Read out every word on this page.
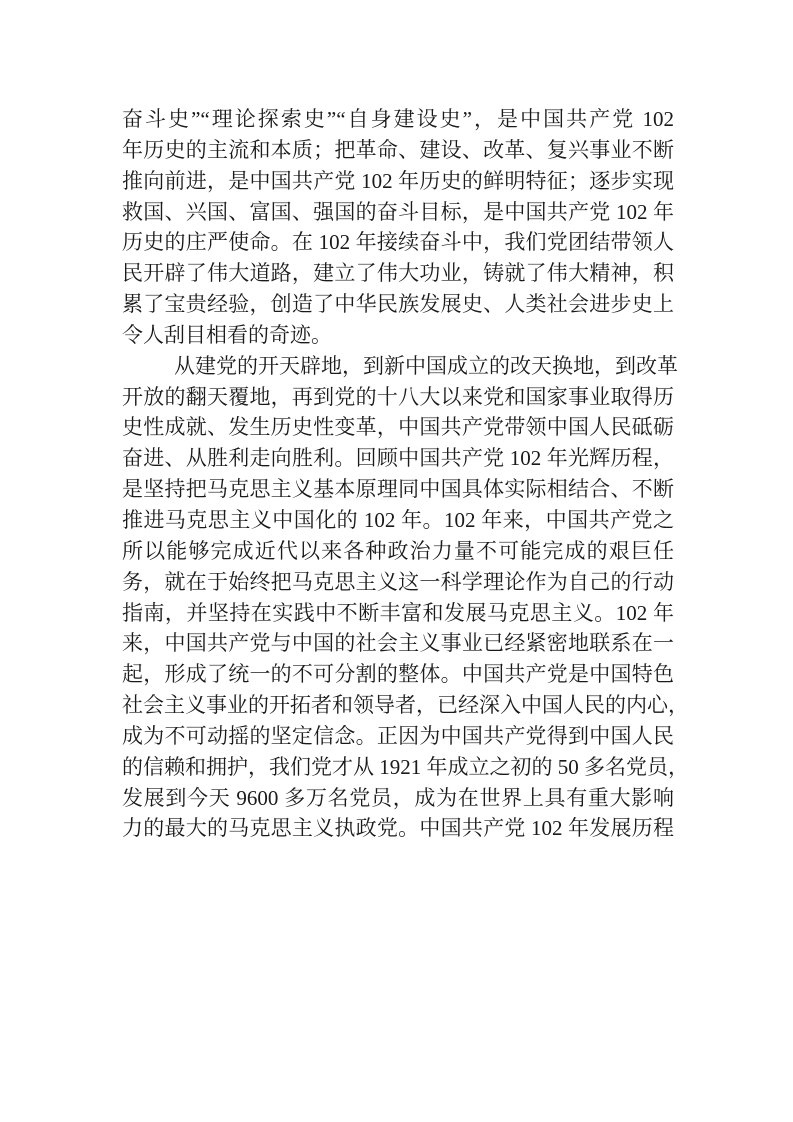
奋斗史”“理论探索史”“自身建设史”，是中国共产党 102
年历史的主流和本质；把革命、建设、改革、复兴事业不断
推向前进，是中国共产党 102 年历史的鲜明特征；逐步实现
救国、兴国、富国、强国的奋斗目标，是中国共产党 102 年
历史的庄严使命。在 102 年接续奋斗中，我们党团结带领人
民开辟了伟大道路，建立了伟大功业，铸就了伟大精神，积
累了宝贵经验，创造了中华民族发展史、人类社会进步史上
令人刮目相看的奇迹。
从建党的开天辟地，到新中国成立的改天换地，到改革
开放的翻天覆地，再到党的十八大以来党和国家事业取得历
史性成就、发生历史性变革，中国共产党带领中国人民砥砺
奋进、从胜利走向胜利。回顾中国共产党 102 年光辉历程，
是坚持把马克思主义基本原理同中国具体实际相结合、不断
推进马克思主义中国化的 102 年。102 年来，中国共产党之
所以能够完成近代以来各种政治力量不可能完成的艰巨任
务，就在于始终把马克思主义这一科学理论作为自己的行动
指南，并坚持在实践中不断丰富和发展马克思主义。102 年
来，中国共产党与中国的社会主义事业已经紧密地联系在一
起，形成了统一的不可分割的整体。中国共产党是中国特色
社会主义事业的开拓者和领导者，已经深入中国人民的内心，
成为不可动摇的坚定信念。正因为中国共产党得到中国人民
的信赖和拥护，我们党才从 1921 年成立之初的 50 多名党员，
发展到今天 9600 多万名党员，成为在世界上具有重大影响
力的最大的马克思主义执政党。中国共产党 102 年发展历程
